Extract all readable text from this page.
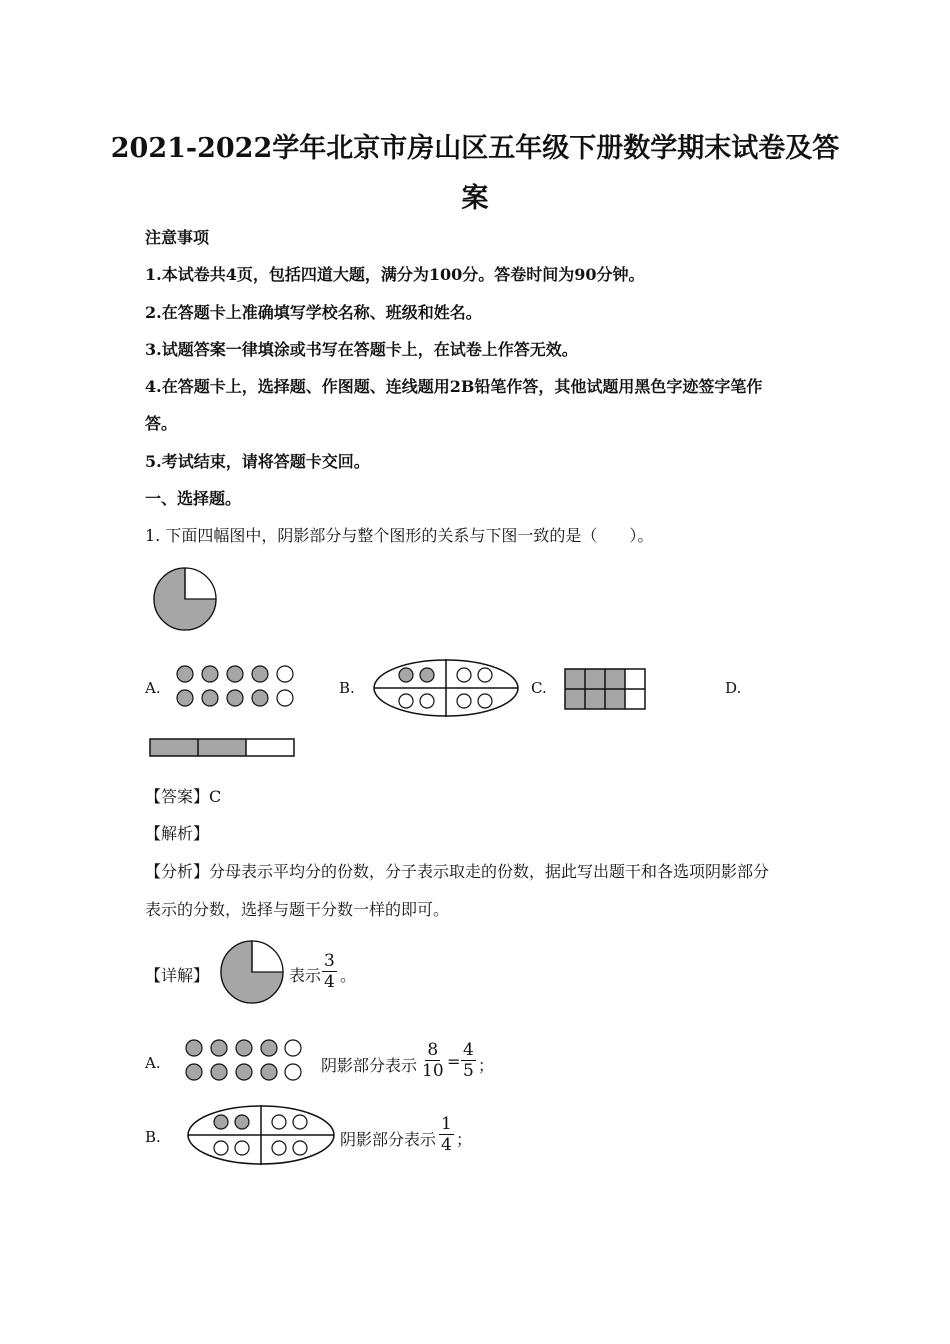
2021-2022学年北京市房山区五年级下册数学期末试卷及答
案
注意事项
1.本试卷共4页，包括四道大题，满分为100分。答卷时间为90分钟。
2.在答题卡上准确填写学校名称、班级和姓名。
3.试题答案一律填涂或书写在答题卡上，在试卷上作答无效。
4.在答题卡上，选择题、作图题、连线题用2B铅笔作答，其他试题用黑色字迹签字笔作
答。
5.考试结束，请将答题卡交回。
一、选择题。
1. 下面四幅图中，阴影部分与整个图形的关系与下图一致的是（　　）。
A.	B.	C.	D.
【答案】C
【解析】
【分析】分母表示平均分的份数，分子表示取走的份数，据此写出题干和各选项阴影部分
表示的分数，选择与题干分数一样的即可。
【详解】	表示 $\frac{3}{4}$ 。
A.	阴影部分表示 $\frac{8}{10} = \frac{4}{5}$ ；
B.	阴影部分表示 $\frac{1}{4}$ ；
